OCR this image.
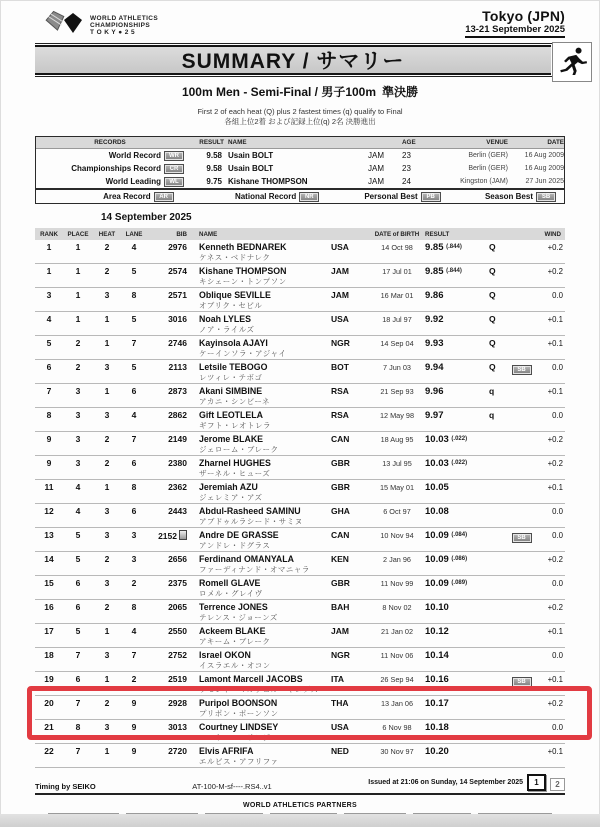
WORLD ATHLETICS
CHAMPIONSHIPS
T O K Y ● 2 5
Tokyo (JPN)
13-21 September 2025
SUMMARY / サマリー
100m Men - Semi-Final / 男子100m 準決勝
First 2 of each heat (Q) plus 2 fastest times (q) qualify to Final
各組上位2着 および記録上位(q) 2名 決勝進出
RECORDS	RESULT NAME	AGE	VENUE	DATE
World Record WR	9.58 Usain BOLT	JAM	23	Berlin (GER)	16 Aug 2009
Championships Record CR	9.58 Usain BOLT	JAM	23	Berlin (GER)	16 Aug 2009
World Leading WL	9.75 Kishane THOMPSON	JAM	24	Kingston (JAM)	27 Jun 2025
Area Record AR	National Record NR	Personal Best PB	Season Best SB
14 September 2025
RANK	PLACE	HEAT	LANE	BIB	NAME	DATE of BIRTH RESULT	WIND
1	1	2	4	2976	Kenneth BEDNAREK
ケネス・ベドナレク
USA	14 Oct 98	9.85 $^{(.844)}$	Q	+0.2
1	1	2	5	2574	Kishane THOMPSON
キシェーン・トンプソン
JAM	17 Jul 01	9.85 $^{(.844)}$	Q	+0.2
3	1	3	8	2571	Oblique SEVILLE
オブリク・セビル
JAM	16 Mar 01	9.86	Q	0.0
4	1	1	5	3016	Noah LYLES
ノア・ライルズ
USA	18 Jul 97	9.92	Q	+0.1
5	2	1	7	2746	Kayinsola AJAYI
ケーインソラ・アジャイ
NGR	14 Sep 04	9.93	Q	+0.1
6	2	3	5	2113	Letsile TEBOGO
レツィレ・テボゴ
BOT	7 Jun 03	9.94	Q	SB	0.0
7	3	1	6	2873	Akani SIMBINE
アカニ・シンビーネ
RSA	21 Sep 93	9.96	q	+0.1
8	3	3	4	2862	Gift LEOTLELA
ギフト・レオトレラ
RSA	12 May 98	9.97	q	0.0
9	3	2	7	2149	Jerome BLAKE
ジェローム・ブレーク
CAN	18 Aug 95	10.03 $^{(.022)}$	+0.2
9	3	2	6	2380	Zharnel HUGHES
ザーネル・ヒューズ
GBR	13 Jul 95	10.03 $^{(.022)}$	+0.2
11	4	1	8	2362	Jeremiah AZU
ジェレミア・アズ
GBR	15 May 01	10.05	+0.1
12	4	3	6	2443	Abdul-Rasheed SAMINU
アブドゥルラシード・サミヌ
GHA	6 Oct 97	10.08	0.0
13	5	3	3	2152	Andre DE GRASSE
アンドレ・ドグラス
CAN	10 Nov 94	10.09 $^{(.084)}$	SB	0.0
14	5	2	3	2656	Ferdinand OMANYALA
ファーディナンド・オマニャラ
KEN	2 Jan 96	10.09 $^{(.086)}$	+0.2
15	6	3	2	2375	Romell GLAVE
ロメル・グレイヴ
GBR	11 Nov 99	10.09 $^{(.089)}$	0.0
16	6	2	8	2065	Terrence JONES
テレンス・ジョーンズ
BAH	8 Nov 02	10.10	+0.2
17	5	1	4	2550	Ackeem BLAKE
アキーム・ブレーク
JAM	21 Jan 02	10.12	+0.1
18	7	3	7	2752	Israel OKON
イスラエル・オコン
NGR	11 Nov 06	10.14	0.0
19	6	1	2	2519	Lamont Marcell JACOBS
ラモント・マルチェル・ヤコブス
ITA	26 Sep 94	10.16	SB	+0.1
20	7	2	9	2928	Puripol BOONSON
プリポン・ポーンソン
THA	13 Jan 06	10.17	+0.2
21	8	3	9	3013	Courtney LINDSEY
コートニー・リンジー
USA	6 Nov 98	10.18	0.0
22	7	1	9	2720	Elvis AFRIFA
エルビス・アフリファ
NED	30 Nov 97	10.20	+0.1
Timing by SEIKO	AT-100-M-sf----.RS4..v1	Issued at 21:06 on Sunday, 14 September 2025	1	2
WORLD ATHLETICS PARTNERS
